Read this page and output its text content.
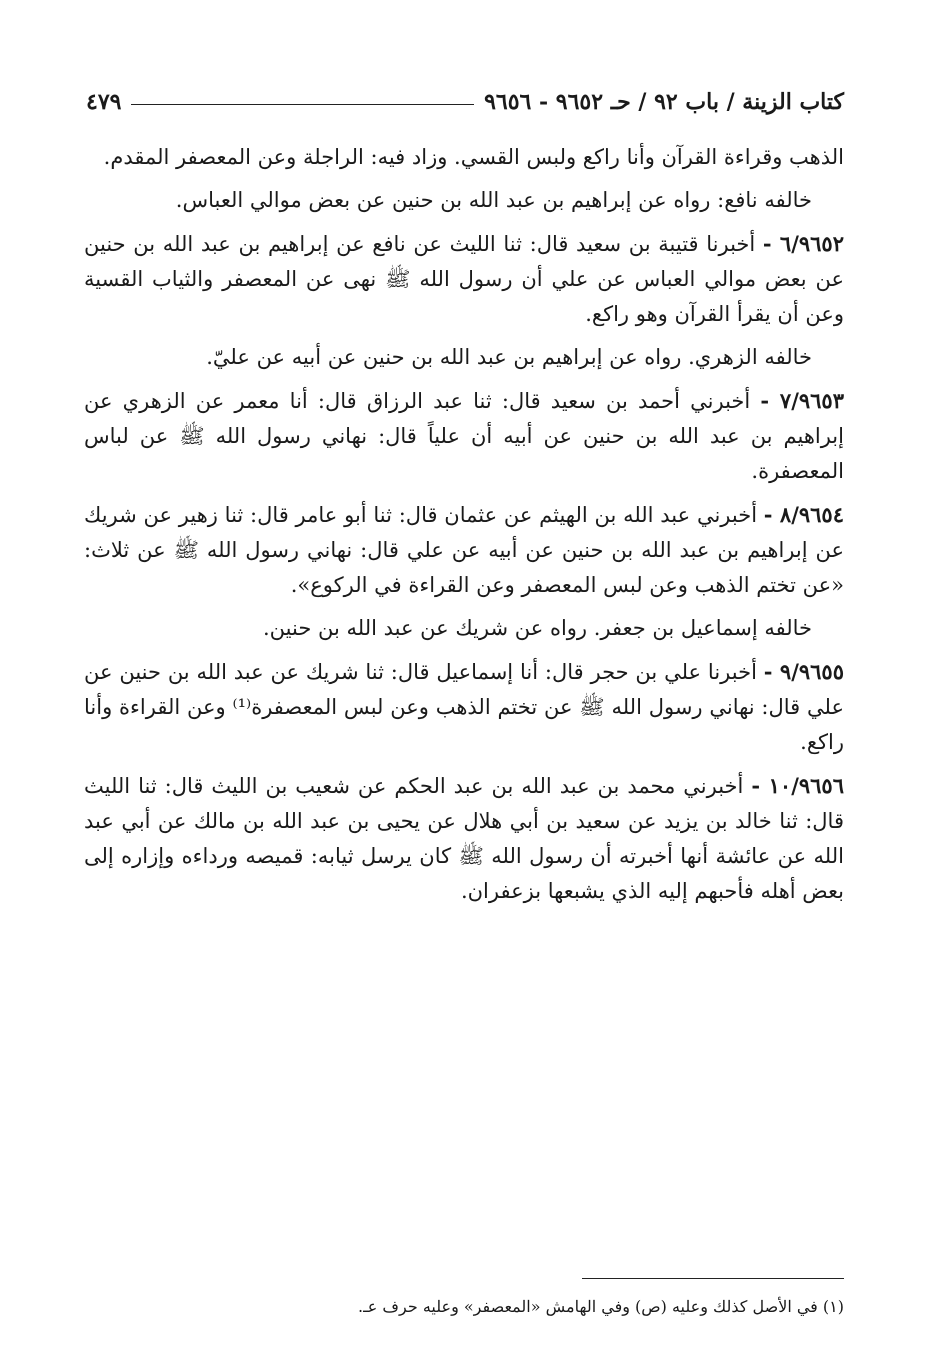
كتاب الزينة / باب ٩٢ / حـ ٩٦٥٢ - ٩٦٥٦
٤٧٩

الذهب وقراءة القرآن وأنا راكع ولبس القسي. وزاد فيه: الراجلة وعن المعصفر المقدم.

خالفه نافع: رواه عن إبراهيم بن عبد الله بن حنين عن بعض موالي العباس.

٦/٩٦٥٢ - أخبرنا قتيبة بن سعيد قال: ثنا الليث عن نافع عن إبراهيم بن عبد الله بن حنين عن بعض موالي العباس عن علي أن رسول الله ﷺ نهى عن المعصفر والثياب القسية وعن أن يقرأ القرآن وهو راكع.

خالفه الزهري. رواه عن إبراهيم بن عبد الله بن حنين عن أبيه عن عليّ.

٧/٩٦٥٣ - أخبرني أحمد بن سعيد قال: ثنا عبد الرزاق قال: أنا معمر عن الزهري عن إبراهيم بن عبد الله بن حنين عن أبيه أن علياً قال: نهاني رسول الله ﷺ عن لباس المعصفرة.

٨/٩٦٥٤ - أخبرني عبد الله بن الهيثم عن عثمان قال: ثنا أبو عامر قال: ثنا زهير عن شريك عن إبراهيم بن عبد الله بن حنين عن أبيه عن علي قال: نهاني رسول الله ﷺ عن ثلاث: «عن تختم الذهب وعن لبس المعصفر وعن القراءة في الركوع».

خالفه إسماعيل بن جعفر. رواه عن شريك عن عبد الله بن حنين.

٩/٩٦٥٥ - أخبرنا علي بن حجر قال: أنا إسماعيل قال: ثنا شريك عن عبد الله بن حنين عن علي قال: نهاني رسول الله ﷺ عن تختم الذهب وعن لبس المعصفرة⁽¹⁾ وعن القراءة وأنا راكع.

١٠/٩٦٥٦ - أخبرني محمد بن عبد الله بن عبد الحكم عن شعيب بن الليث قال: ثنا الليث قال: ثنا خالد بن يزيد عن سعيد بن أبي هلال عن يحيى بن عبد الله بن مالك عن أبي عبد الله عن عائشة أنها أخبرته أن رسول الله ﷺ كان يرسل ثيابه: قميصه ورداءه وإزاره إلى بعض أهله فأحبهم إليه الذي يشبعها بزعفران.

(١) في الأصل كذلك وعليه (ص) وفي الهامش «المعصفر» وعليه حرف عـ.
